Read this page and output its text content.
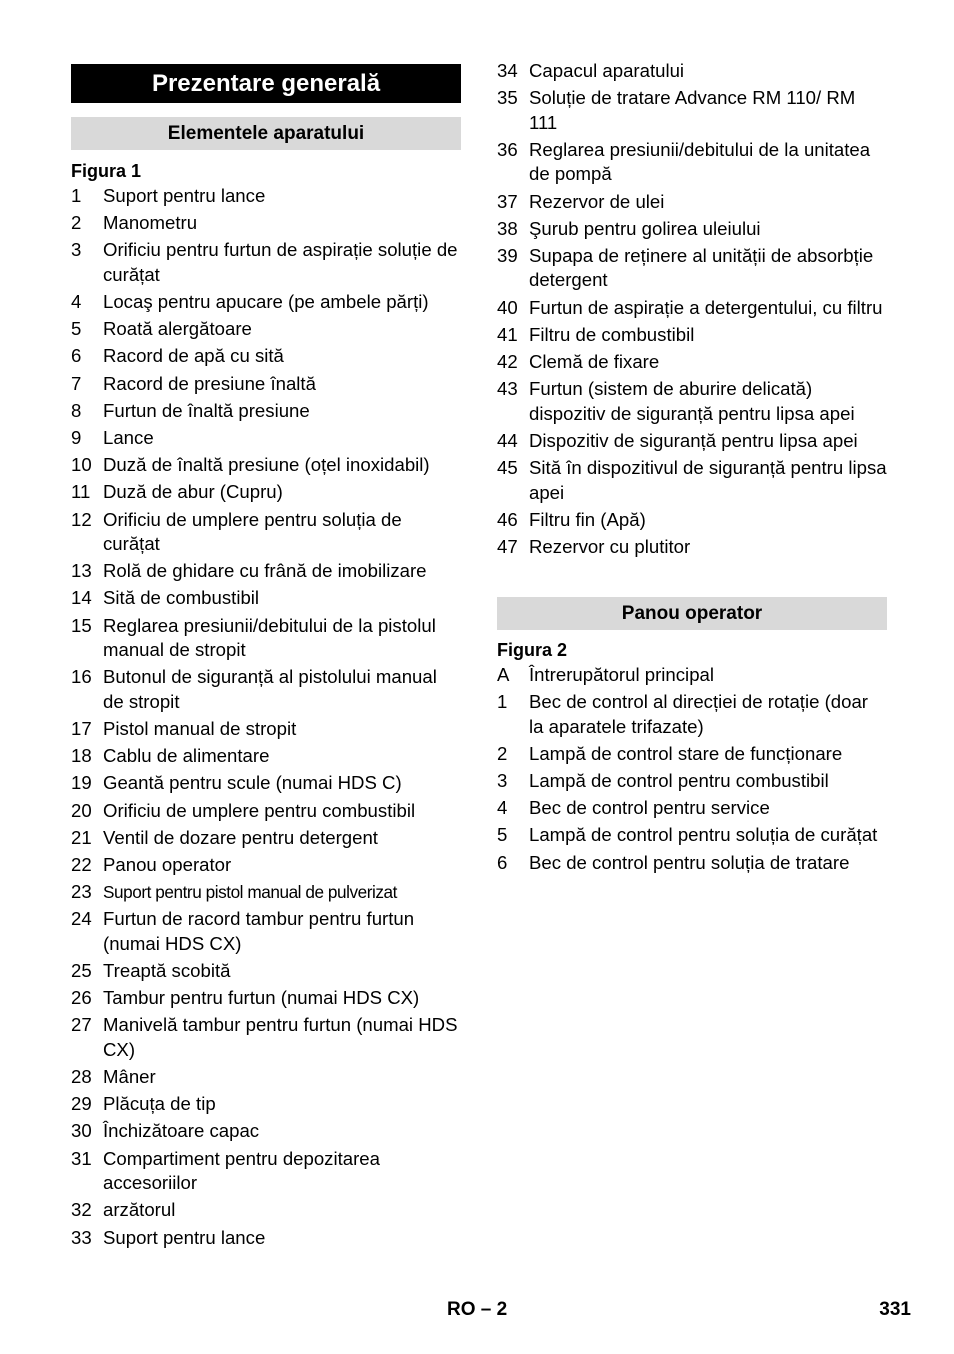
Prezentare generală
Elementele aparatului
Figura 1
1	Suport pentru lance
2	Manometru
3	Orificiu pentru furtun de aspirație soluție de curățat
4	Locaş pentru apucare (pe ambele părți)
5	Roată alergătoare
6	Racord de apă cu sită
7	Racord de presiune înaltă
8	Furtun de înaltă presiune
9	Lance
10 Duză de înaltă presiune (oțel inoxidabil)
11 Duză de abur (Cupru)
12 Orificiu de umplere pentru soluția de curățat
13 Rolă de ghidare cu frână de imobilizare
14 Sită de combustibil
15 Reglarea presiunii/debitului de la pistolul manual de stropit
16 Butonul de siguranță al pistolului manual de stropit
17 Pistol manual de stropit
18 Cablu de alimentare
19 Geantă pentru scule (numai HDS C)
20 Orificiu de umplere pentru combustibil
21 Ventil de dozare pentru detergent
22 Panou operator
23 Suport pentru pistol manual de pulverizat
24 Furtun de racord tambur pentru furtun (numai HDS CX)
25 Treaptă scobită
26 Tambur pentru furtun (numai HDS CX)
27 Manivelă tambur pentru furtun (numai HDS CX)
28 Mâner
29 Plăcuța de tip
30 Închizătoare capac
31 Compartiment pentru depozitarea accesoriilor
32 arzătorul
33 Suport pentru lance
34 Capacul aparatului
35 Soluție de tratare Advance RM 110/ RM 111
36 Reglarea presiunii/debitului de la unitatea de pompă
37 Rezervor de ulei
38 Şurub pentru golirea uleiului
39 Supapa de reținere al unității de absorbție detergent
40 Furtun de aspirație a detergentului, cu filtru
41 Filtru de combustibil
42 Clemă de fixare
43 Furtun (sistem de aburire delicată) dispozitiv de siguranță pentru lipsa apei
44 Dispozitiv de siguranță pentru lipsa apei
45 Sită în dispozitivul de siguranță pentru lipsa apei
46 Filtru fin (Apă)
47 Rezervor cu plutitor
Panou operator
Figura 2
A	Întrerupătorul principal
1	Bec de control al direcției de rotație (doar la aparatele trifazate)
2	Lampă de control stare de funcționare
3	Lampă de control pentru combustibil
4	Bec de control pentru service
5	Lampă de control pentru soluția de curățat
6	Bec de control pentru soluția de tratare
RO – 2	331
